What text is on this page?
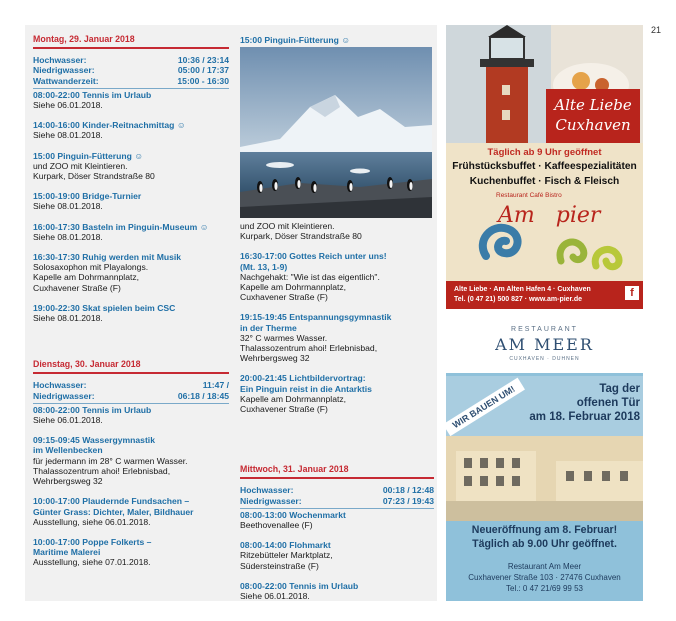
21
Montag, 29. Januar 2018
Hochwasser:	10:36 / 23:14
Niedrigwasser:	05:00 / 17:37
Wattwanderzeit:	15:00 - 16:30
08:00-22:00 Tennis im Urlaub
Siehe 06.01.2018.
14:00-16:00 Kinder-Reitnachmittag ☺
Siehe 08.01.2018.
15:00 Pinguin-Fütterung ☺
und ZOO mit Kleintieren.
Kurpark, Döser Strandstraße 80
15:00-19:00 Bridge-Turnier
Siehe 08.01.2018.
16:00-17:30 Basteln im Pinguin-Museum ☺
Siehe 08.01.2018.
16:30-17:30 Ruhig werden mit Musik
Solosaxophon mit Playalongs.
Kapelle am Dohrmannplatz,
Cuxhavener Straße (F)
19:00-22:30 Skat spielen beim CSC
Siehe 08.01.2018.
Dienstag, 30. Januar 2018
Hochwasser:	11:47 /
Niedrigwasser:	06:18 / 18:45
08:00-22:00 Tennis im Urlaub
Siehe 06.01.2018.
09:15-09:45 Wassergymnastik
im Wellenbecken
für jedermann im 28° C warmen Wasser.
Thalassozentrum ahoi! Erlebnisbad,
Wehrbergsweg 32
10:00-17:00 Plaudernde Fundsachen –
Günter Grass: Dichter, Maler, Bildhauer
Ausstellung, siehe 06.01.2018.
10:00-17:00 Poppe Folkerts –
Maritime Malerei
Ausstellung, siehe 07.01.2018.
15:00 Pinguin-Fütterung ☺
und ZOO mit Kleintieren.
Kurpark, Döser Strandstraße 80
16:30-17:00 Gottes Reich unter uns!
(Mt. 13, 1-9)
Nachgehakt: "Wie ist das eigentlich".
Kapelle am Dohrmannplatz,
Cuxhavener Straße (F)
19:15-19:45 Entspannungsgymnastik
in der Therme
32° C warmes Wasser.
Thalassozentrum ahoi! Erlebnisbad,
Wehrbergsweg 32
20:00-21:45 Lichtbildervortrag:
Ein Pinguin reist in die Antarktis
Kapelle am Dohrmannplatz,
Cuxhavener Straße (F)
Mittwoch, 31. Januar 2018
Hochwasser:	00:18 / 12:48
Niedrigwasser:	07:23 / 19:43
08:00-13:00 Wochenmarkt
Beethovenallee (F)
08:00-14:00 Flohmarkt
Ritzebütteler Marktplatz,
Südersteinstraße (F)
08:00-22:00 Tennis im Urlaub
Siehe 06.01.2018.
Alte Liebe
Cuxhaven
Täglich ab 9 Uhr geöffnet
Frühstücksbuffet · Kaffeespezialitäten
Kuchenbuffet · Fisch & Fleisch
Restaurant Café Bistro
Am pier
Alte Liebe · Am Alten Hafen 4 · Cuxhaven
Tel. (0 47 21) 500 827 · www.am-pier.de
f
RESTAURANT
AM MEER
CUXHAVEN · DUHNEN
WIR BAUEN UM!	Tag der
offenen Tür
am 18. Februar 2018
Neueröffnung am 8. Februar!
Täglich ab 9.00 Uhr geöffnet.
Restaurant Am Meer
Cuxhavener Straße 103 · 27476 Cuxhaven
Tel.: 0 47 21/69 99 53
